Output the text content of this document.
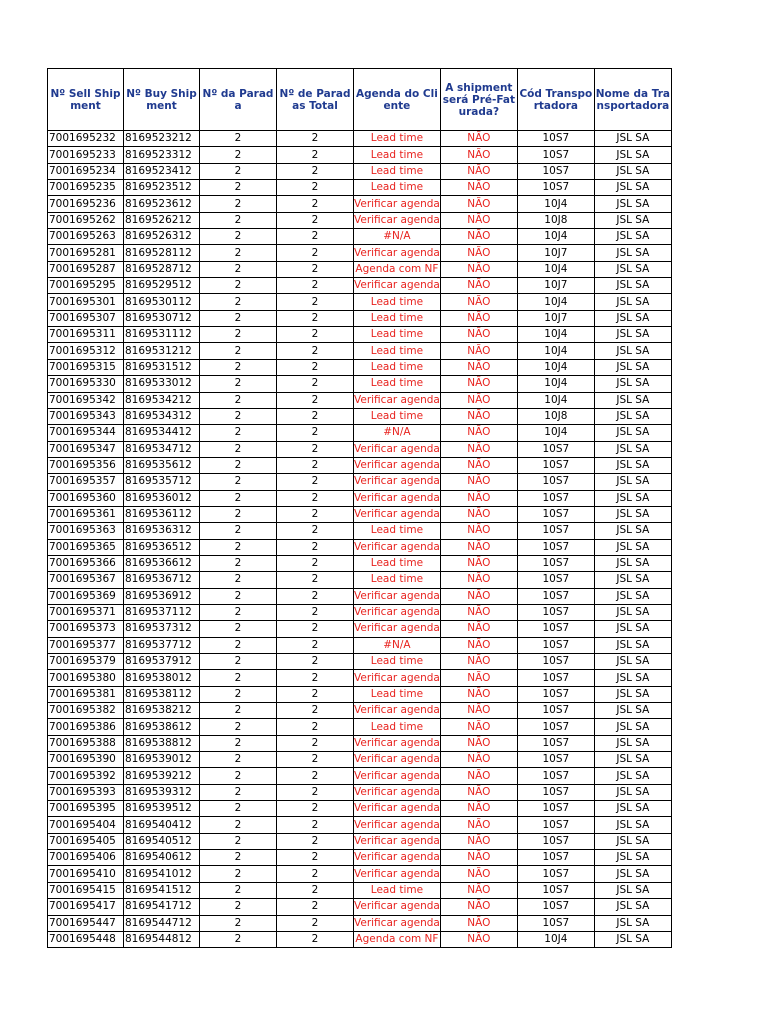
Nº Sell Shipment	Nº Buy Shipment	Nº da Parada	Nº de Paradas Total	Agenda do Cliente	A shipment será Pré-Faturada?	Cód Transportadora	Nome da Transportadora
7001695232	8169523212	2	2	Lead time	NÃO	10S7	JSL SA
7001695233	8169523312	2	2	Lead time	NÃO	10S7	JSL SA
7001695234	8169523412	2	2	Lead time	NÃO	10S7	JSL SA
7001695235	8169523512	2	2	Lead time	NÃO	10S7	JSL SA
7001695236	8169523612	2	2	Verificar agenda	NÃO	10J4	JSL SA
7001695262	8169526212	2	2	Verificar agenda	NÃO	10J8	JSL SA
7001695263	8169526312	2	2	#N/A	NÃO	10J4	JSL SA
7001695281	8169528112	2	2	Verificar agenda	NÃO	10J7	JSL SA
7001695287	8169528712	2	2	Agenda com NF	NÃO	10J4	JSL SA
7001695295	8169529512	2	2	Verificar agenda	NÃO	10J7	JSL SA
7001695301	8169530112	2	2	Lead time	NÃO	10J4	JSL SA
7001695307	8169530712	2	2	Lead time	NÃO	10J7	JSL SA
7001695311	8169531112	2	2	Lead time	NÃO	10J4	JSL SA
7001695312	8169531212	2	2	Lead time	NÃO	10J4	JSL SA
7001695315	8169531512	2	2	Lead time	NÃO	10J4	JSL SA
7001695330	8169533012	2	2	Lead time	NÃO	10J4	JSL SA
7001695342	8169534212	2	2	Verificar agenda	NÃO	10J4	JSL SA
7001695343	8169534312	2	2	Lead time	NÃO	10J8	JSL SA
7001695344	8169534412	2	2	#N/A	NÃO	10J4	JSL SA
7001695347	8169534712	2	2	Verificar agenda	NÃO	10S7	JSL SA
7001695356	8169535612	2	2	Verificar agenda	NÃO	10S7	JSL SA
7001695357	8169535712	2	2	Verificar agenda	NÃO	10S7	JSL SA
7001695360	8169536012	2	2	Verificar agenda	NÃO	10S7	JSL SA
7001695361	8169536112	2	2	Verificar agenda	NÃO	10S7	JSL SA
7001695363	8169536312	2	2	Lead time	NÃO	10S7	JSL SA
7001695365	8169536512	2	2	Verificar agenda	NÃO	10S7	JSL SA
7001695366	8169536612	2	2	Lead time	NÃO	10S7	JSL SA
7001695367	8169536712	2	2	Lead time	NÃO	10S7	JSL SA
7001695369	8169536912	2	2	Verificar agenda	NÃO	10S7	JSL SA
7001695371	8169537112	2	2	Verificar agenda	NÃO	10S7	JSL SA
7001695373	8169537312	2	2	Verificar agenda	NÃO	10S7	JSL SA
7001695377	8169537712	2	2	#N/A	NÃO	10S7	JSL SA
7001695379	8169537912	2	2	Lead time	NÃO	10S7	JSL SA
7001695380	8169538012	2	2	Verificar agenda	NÃO	10S7	JSL SA
7001695381	8169538112	2	2	Lead time	NÃO	10S7	JSL SA
7001695382	8169538212	2	2	Verificar agenda	NÃO	10S7	JSL SA
7001695386	8169538612	2	2	Lead time	NÃO	10S7	JSL SA
7001695388	8169538812	2	2	Verificar agenda	NÃO	10S7	JSL SA
7001695390	8169539012	2	2	Verificar agenda	NÃO	10S7	JSL SA
7001695392	8169539212	2	2	Verificar agenda	NÃO	10S7	JSL SA
7001695393	8169539312	2	2	Verificar agenda	NÃO	10S7	JSL SA
7001695395	8169539512	2	2	Verificar agenda	NÃO	10S7	JSL SA
7001695404	8169540412	2	2	Verificar agenda	NÃO	10S7	JSL SA
7001695405	8169540512	2	2	Verificar agenda	NÃO	10S7	JSL SA
7001695406	8169540612	2	2	Verificar agenda	NÃO	10S7	JSL SA
7001695410	8169541012	2	2	Verificar agenda	NÃO	10S7	JSL SA
7001695415	8169541512	2	2	Lead time	NÃO	10S7	JSL SA
7001695417	8169541712	2	2	Verificar agenda	NÃO	10S7	JSL SA
7001695447	8169544712	2	2	Verificar agenda	NÃO	10S7	JSL SA
7001695448	8169544812	2	2	Agenda com NF	NÃO	10J4	JSL SA
